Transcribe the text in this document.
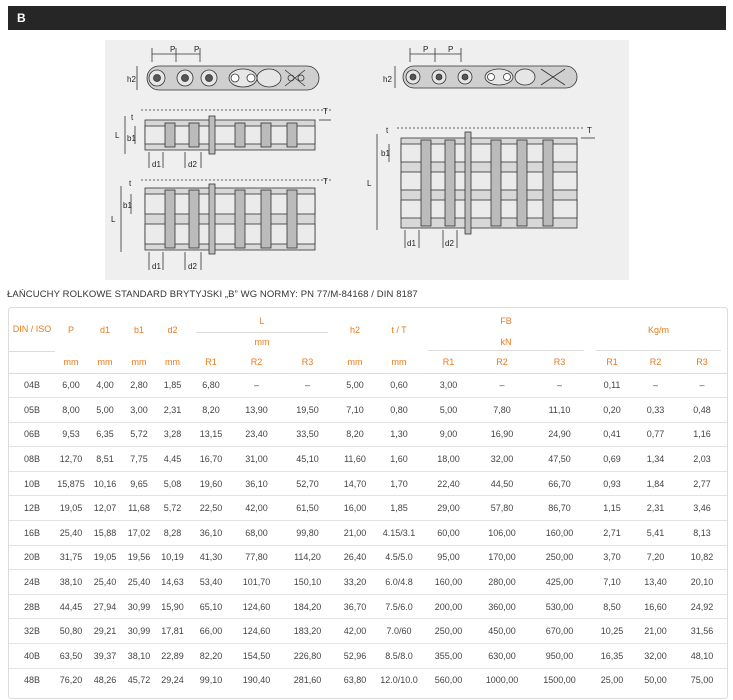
B
P P
h2
P P
h2
L b1
d1	d2
T
t
L
b1
t
d1	d2
T	L
b1
t
d1	d2
T
ŁAŃCUCHY ROLKOWE STANDARD BRYTYJSKI „B” WG NORMY: PN 77/M-84168 / DIN 8187
DIN / ISO	P	d1	b1	d2	L			h2	t / T	FB			Kg/m		
					mm					kN					
	mm	mm	mm	mm	R1	R2	R3	mm	mm	R1	R2	R3	R1	R2	R3
04B	6,00	4,00	2,80	1,85	6,80	–	–	5,00	0,60	3,00	–	–	0,11	–	–
05B	8,00	5,00	3,00	2,31	8,20	13,90	19,50	7,10	0,80	5,00	7,80	11,10	0,20	0,33	0,48
06B	9,53	6,35	5,72	3,28	13,15	23,40	33,50	8,20	1,30	9,00	16,90	24,90	0,41	0,77	1,16
08B	12,70	8,51	7,75	4,45	16,70	31,00	45,10	11,60	1,60	18,00	32,00	47,50	0,69	1,34	2,03
10B	15,875	10,16	9,65	5,08	19,60	36,10	52,70	14,70	1,70	22,40	44,50	66,70	0,93	1,84	2,77
12B	19,05	12,07	11,68	5,72	22,50	42,00	61,50	16,00	1,85	29,00	57,80	86,70	1,15	2,31	3,46
16B	25,40	15,88	17,02	8,28	36,10	68,00	99,80	21,00	4.15/3.1	60,00	106,00	160,00	2,71	5,41	8,13
20B	31,75	19,05	19,56	10,19	41,30	77,80	114,20	26,40	4.5/5.0	95,00	170,00	250,00	3,70	7,20	10,82
24B	38,10	25,40	25,40	14,63	53,40	101,70	150,10	33,20	6.0/4.8	160,00	280,00	425,00	7,10	13,40	20,10
28B	44,45	27,94	30,99	15,90	65,10	124,60	184,20	36,70	7.5/6.0	200,00	360,00	530,00	8,50	16,60	24,92
32B	50,80	29,21	30,99	17,81	66,00	124,60	183,20	42,00	7.0/60	250,00	450,00	670,00	10,25	21,00	31,56
40B	63,50	39,37	38,10	22,89	82,20	154,50	226,80	52,96	8.5/8.0	355,00	630,00	950,00	16,35	32,00	48,10
48B	76,20	48,26	45,72	29,24	99,10	190,40	281,60	63,80	12.0/10.0	560,00	1000,00	1500,00	25,00	50,00	75,00
